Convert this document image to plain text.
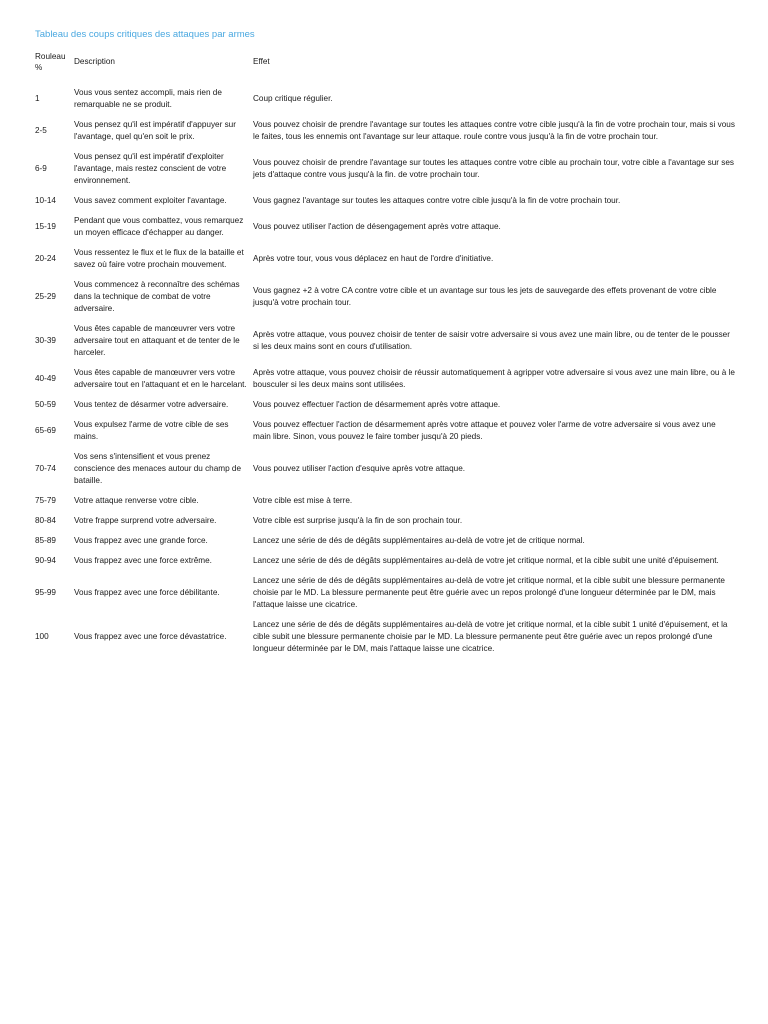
Tableau des coups critiques des attaques par armes
Rouleau %	Description	Effet
1	Vous vous sentez accompli, mais rien de remarquable ne se produit.	Coup critique régulier.
2-5	Vous pensez qu'il est impératif d'appuyer sur l'avantage, quel qu'en soit le prix.	Vous pouvez choisir de prendre l'avantage sur toutes les attaques contre votre cible jusqu'à la fin de votre prochain tour, mais si vous le faites, tous les ennemis ont l'avantage sur leur attaque. roule contre vous jusqu'à la fin de votre prochain tour.
6-9	Vous pensez qu'il est impératif d'exploiter l'avantage, mais restez conscient de votre environnement.	Vous pouvez choisir de prendre l'avantage sur toutes les attaques contre votre cible au prochain tour, votre cible a l'avantage sur ses jets d'attaque contre vous jusqu'à la fin. de votre prochain tour.
10-14	Vous savez comment exploiter l'avantage.	Vous gagnez l'avantage sur toutes les attaques contre votre cible jusqu'à la fin de votre prochain tour.
15-19	Pendant que vous combattez, vous remarquez un moyen efficace d'échapper au danger.	Vous pouvez utiliser l'action de désengagement après votre attaque.
20-24	Vous ressentez le flux et le flux de la bataille et savez où faire votre prochain mouvement.	Après votre tour, vous vous déplacez en haut de l'ordre d'initiative.
25-29	Vous commencez à reconnaître des schémas dans la technique de combat de votre adversaire.	Vous gagnez +2 à votre CA contre votre cible et un avantage sur tous les jets de sauvegarde des effets provenant de votre cible jusqu'à votre prochain tour.
30-39	Vous êtes capable de manœuvrer vers votre adversaire tout en attaquant et de tenter de le harceler.	Après votre attaque, vous pouvez choisir de tenter de saisir votre adversaire si vous avez une main libre, ou de tenter de le pousser si les deux mains sont en cours d'utilisation.
40-49	Vous êtes capable de manœuvrer vers votre adversaire tout en l'attaquant et en le harcelant.	Après votre attaque, vous pouvez choisir de réussir automatiquement à agripper votre adversaire si vous avez une main libre, ou à le bousculer si les deux mains sont utilisées.
50-59	Vous tentez de désarmer votre adversaire.	Vous pouvez effectuer l'action de désarmement après votre attaque.
65-69	Vous expulsez l'arme de votre cible de ses mains.	Vous pouvez effectuer l'action de désarmement après votre attaque et pouvez voler l'arme de votre adversaire si vous avez une main libre. Sinon, vous pouvez le faire tomber jusqu'à 20 pieds.
70-74	Vos sens s'intensifient et vous prenez conscience des menaces autour du champ de bataille.	Vous pouvez utiliser l'action d'esquive après votre attaque.
75-79	Votre attaque renverse votre cible.	Votre cible est mise à terre.
80-84	Votre frappe surprend votre adversaire.	Votre cible est surprise jusqu'à la fin de son prochain tour.
85-89	Vous frappez avec une grande force.	Lancez une série de dés de dégâts supplémentaires au-delà de votre jet de critique normal.
90-94	Vous frappez avec une force extrême.	Lancez une série de dés de dégâts supplémentaires au-delà de votre jet critique normal, et la cible subit une unité d'épuisement.
95-99	Vous frappez avec une force débilitante.	Lancez une série de dés de dégâts supplémentaires au-delà de votre jet critique normal, et la cible subit une blessure permanente choisie par le MD. La blessure permanente peut être guérie avec un repos prolongé d'une longueur déterminée par le DM, mais l'attaque laisse une cicatrice.
100	Vous frappez avec une force dévastatrice.	Lancez une série de dés de dégâts supplémentaires au-delà de votre jet critique normal, et la cible subit 1 unité d'épuisement, et la cible subit une blessure permanente choisie par le MD. La blessure permanente peut être guérie avec un repos prolongé d'une longueur déterminée par le DM, mais l'attaque laisse une cicatrice.
